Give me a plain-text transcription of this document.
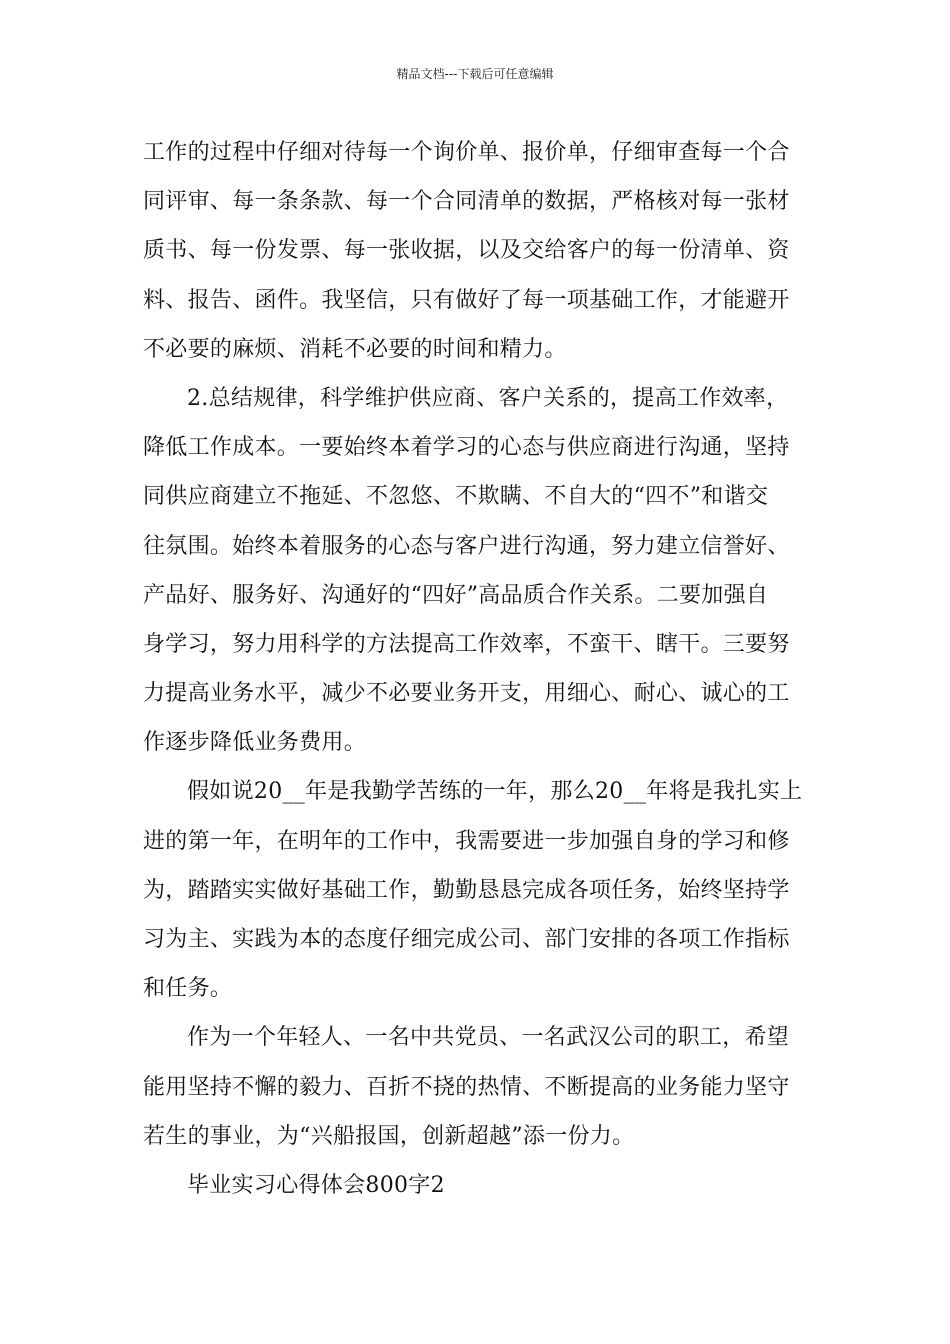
精品文档---下载后可任意编辑
工作的过程中仔细对待每一个询价单、报价单，仔细审查每一个合
同评审、每一条条款、每一个合同清单的数据，严格核对每一张材
质书、每一份发票、每一张收据，以及交给客户的每一份清单、资
料、报告、函件。我坚信，只有做好了每一项基础工作，才能避开
不必要的麻烦、消耗不必要的时间和精力。
2.总结规律，科学维护供应商、客户关系的，提高工作效率，
降低工作成本。一要始终本着学习的心态与供应商进行沟通，坚持
同供应商建立不拖延、不忽悠、不欺瞒、不自大的“四不”和谐交
往氛围。始终本着服务的心态与客户进行沟通，努力建立信誉好、
产品好、服务好、沟通好的“四好”高品质合作关系。二要加强自
身学习，努力用科学的方法提高工作效率，不蛮干、瞎干。三要努
力提高业务水平，减少不必要业务开支，用细心、耐心、诚心的工
作逐步降低业务费用。
假如说20__年是我勤学苦练的一年，那么20__年将是我扎实上
进的第一年，在明年的工作中，我需要进一步加强自身的学习和修
为，踏踏实实做好基础工作，勤勤恳恳完成各项任务，始终坚持学
习为主、实践为本的态度仔细完成公司、部门安排的各项工作指标
和任务。
作为一个年轻人、一名中共党员、一名武汉公司的职工，希望
能用坚持不懈的毅力、百折不挠的热情、不断提高的业务能力坚守
若生的事业，为“兴船报国，创新超越”添一份力。
毕业实习心得体会800字2
